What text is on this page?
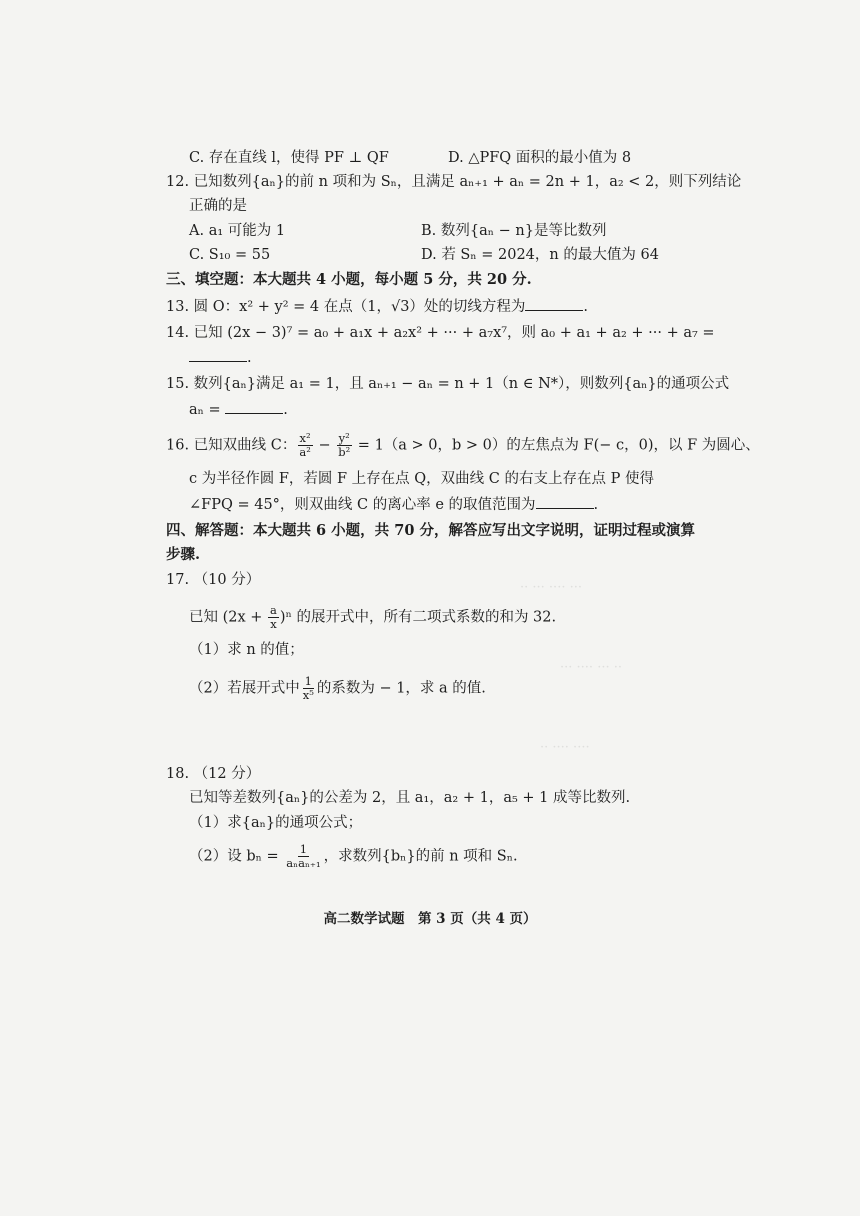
·· ··· ···· ···
··· ···· ··· ··
·· ···· ····
C. 存在直线 l，使得 PF ⊥ QF	D. △PFQ 面积的最小值为 8
12. 已知数列{aₙ}的前 n 项和为 Sₙ，且满足 aₙ₊₁ + aₙ = 2n + 1，a₂ < 2，则下列结论
正确的是
A. a₁ 可能为 1	B. 数列{aₙ − n}是等比数列
C. S₁₀ = 55	D. 若 Sₙ = 2024，n 的最大值为 64
三、填空题：本大题共 4 小题，每小题 5 分，共 20 分.
13. 圆 O：x² + y² = 4 在点（1，√3）处的切线方程为	.
14. 已知 (2x − 3)⁷ = a₀ + a₁x + a₂x² + ··· + a₇x⁷，则 a₀ + a₁ + a₂ + ··· + a₇ =
.
15. 数列{aₙ}满足 a₁ = 1，且 aₙ₊₁ − aₙ = n + 1（n ∈ N*），则数列{aₙ}的通项公式
aₙ =	.
16. 已知双曲线 C： $\frac{\text{x²}}{\text{a²}} - \frac{\text{y²}}{\text{b²}} = 1(a > 0$，b > 0）的左焦点为 F(− c，0)，以 F 为圆心、
c 为半径作圆 F，若圆 F 上存在点 Q，双曲线 C 的右支上存在点 P 使得
∠FPQ = 45°，则双曲线 C 的离心率 e 的取值范围为	.
四、解答题：本大题共 6 小题，共 70 分，解答应写出文字说明，证明过程或演算
步骤.
17. （10 分）
已知 $(2x + \frac{a}{x} )^n$ 的展开式中，所有二项式系数的和为 32.
（1）求 n 的值；
（2）若展开式中 $\frac{1}{\text{x⁵}}$ 的系数为 − 1，求 a 的值.
18. （12 分）
已知等差数列{aₙ}的公差为 2，且 a₁，a₂ + 1，a₅ + 1 成等比数列.
（1）求{aₙ}的通项公式；
（2）设 $b_n = \frac{1}{\text{aₙaₙ₊₁}}$ ，求数列{bₙ}的前 n 项和 Sₙ.
高二数学试题　第 3 页（共 4 页）
